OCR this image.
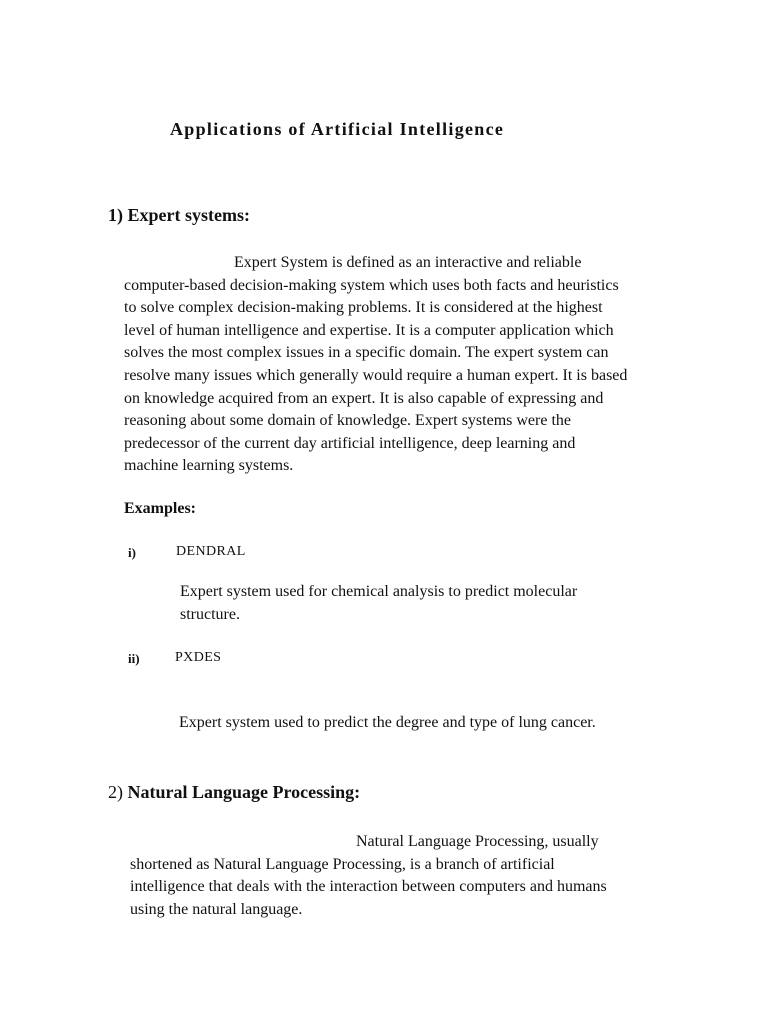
Applications of Artificial Intelligence
1) Expert systems:
Expert System is defined as an interactive and reliable
computer-based decision-making system which uses both facts and heuristics
to solve complex decision-making problems. It is considered at the highest
level of human intelligence and expertise. It is a computer application which
solves the most complex issues in a specific domain. The expert system can
resolve many issues which generally would require a human expert. It is based
on knowledge acquired from an expert. It is also capable of expressing and
reasoning about some domain of knowledge. Expert systems were the
predecessor of the current day artificial intelligence, deep learning and
machine learning systems.
Examples:
i)	DENDRAL
Expert system used for chemical analysis to predict molecular
structure.
ii)	PXDES
Expert system used to predict the degree and type of lung cancer.
2) Natural Language Processing:
Natural Language Processing, usually
shortened as Natural Language Processing, is a branch of artificial
intelligence that deals with the interaction between computers and humans
using the natural language.
